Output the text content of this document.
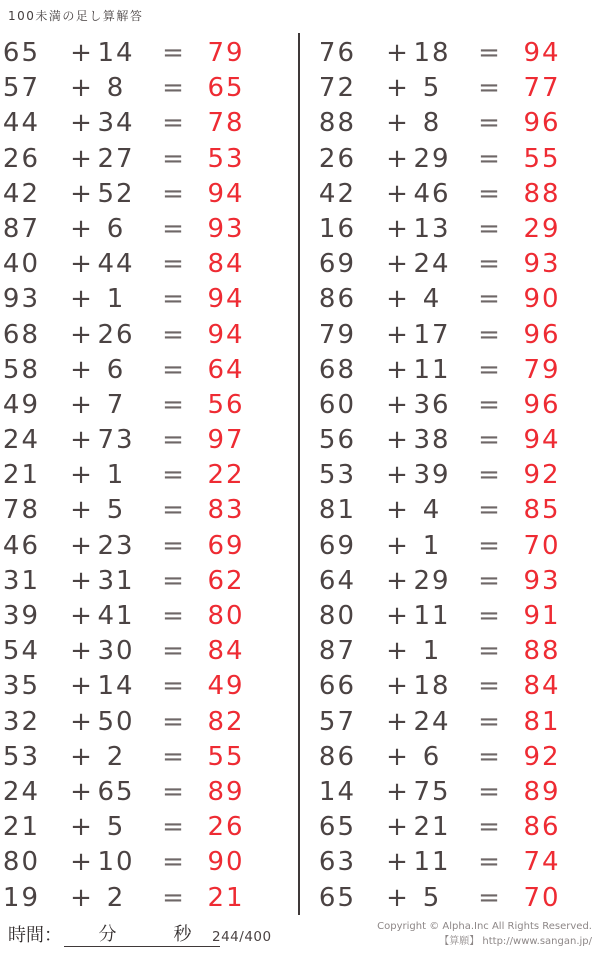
100未満の足し算解答
65	+ 14	= 79
57	+ 8	= 65
44	+ 34	= 78
26	+ 27	= 53
42	+ 52	= 94
87	+ 6	= 93
40	+ 44	= 84
93	+ 1	= 94
68	+ 26	= 94
58	+ 6	= 64
49	+ 7	= 56
24	+ 73	= 97
21	+ 1	= 22
78	+ 5	= 83
46	+ 23	= 69
31	+ 31	= 62
39	+ 41	= 80
54	+ 30	= 84
35	+ 14	= 49
32	+ 50	= 82
53	+ 2	= 55
24	+ 65	= 89
21	+ 5	= 26
80	+ 10	= 90
19	+ 2	= 21
76	+ 18	= 94
72	+ 5	= 77
88	+ 8	= 96
26	+ 29	= 55
42	+ 46	= 88
16	+ 13	= 29
69	+ 24	= 93
86	+ 4	= 90
79	+ 17	= 96
68	+ 11	= 79
60	+ 36	= 96
56	+ 38	= 94
53	+ 39	= 92
81	+ 4	= 85
69	+ 1	= 70
64	+ 29	= 93
80	+ 11	= 91
87	+ 1	= 88
66	+ 18	= 84
57	+ 24	= 81
86	+ 6	= 92
14	+ 75	= 89
65	+ 21	= 86
63	+ 11	= 74
65	+ 5	= 70
時間： 分	秒 244/400
Copyright © Alpha.Inc All Rights Reserved.
【算願】 http://www.sangan.jp/
